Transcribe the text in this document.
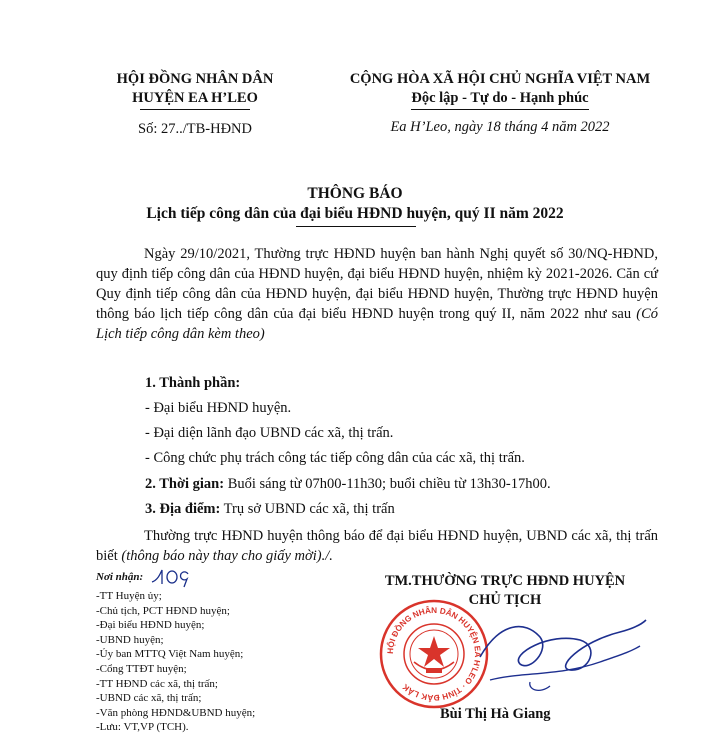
HỘI ĐỒNG NHÂN DÂN
HUYỆN EA H’LEO
CỘNG HÒA XÃ HỘI CHỦ NGHĨA VIỆT NAM
Độc lập - Tự do - Hạnh phúc
Số: 27../TB-HĐND	Ea H’Leo, ngày 18 tháng 4 năm 2022
THÔNG BÁO
Lịch tiếp công dân của đại biểu HĐND huyện, quý II năm 2022
Ngày 29/10/2021, Thường trực HĐND huyện ban hành Nghị quyết số 30/NQ-HĐND, quy định tiếp công dân của HĐND huyện, đại biểu HĐND huyện, nhiệm kỳ 2021-2026. Căn cứ Quy định tiếp công dân của HĐND huyện, đại biểu HĐND huyện, Thường trực HĐND huyện thông báo lịch tiếp công dân của đại biểu HĐND huyện trong quý II, năm 2022 như sau (Có Lịch tiếp công dân kèm theo)
1. Thành phần:
- Đại biểu HĐND huyện.
- Đại diện lãnh đạo UBND các xã, thị trấn.
- Công chức phụ trách công tác tiếp công dân của các xã, thị trấn.
2. Thời gian: Buổi sáng từ 07h00-11h30; buổi chiều từ 13h30-17h00.
3. Địa điểm: Trụ sở UBND các xã, thị trấn
Thường trực HĐND huyện thông báo để đại biểu HĐND huyện, UBND các xã, thị trấn biết (thông báo này thay cho giấy mời)./.
Nơi nhận:
-TT Huyện ủy;
-Chủ tịch, PCT HĐND huyện;
-Đại biểu HĐND huyện;
-UBND huyện;
-Ủy ban MTTQ Việt Nam huyện;
-Cổng TTĐT huyện;
-TT HĐND các xã, thị trấn;
-UBND các xã, thị trấn;
-Văn phòng HĐND&UBND huyện;
-Lưu: VT,VP (TCH).
TM.THƯỜNG TRỰC HĐND HUYỆN
CHỦ TỊCH
HỘI ĐỒNG NHÂN DÂN HUYỆN EA H'LEO · TỈNH ĐẮK LẮK
Bùi Thị Hà Giang
